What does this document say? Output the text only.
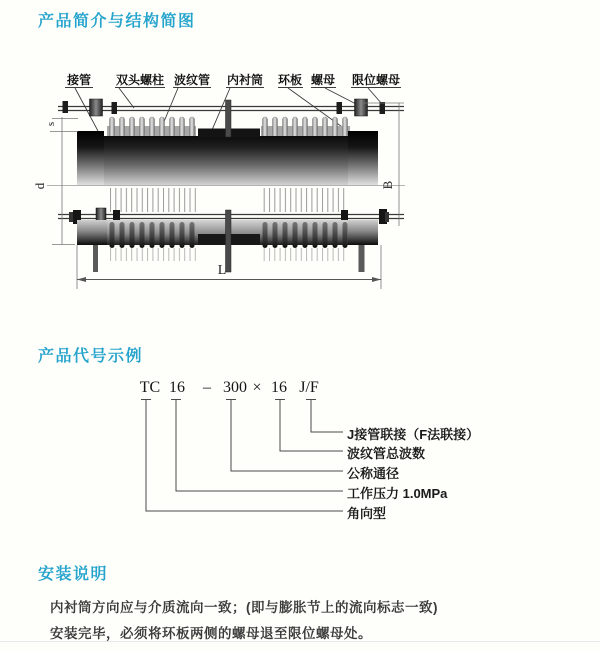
产品简介与结构简图
接管 双头螺柱 波纹管 内衬筒 环板 螺母 限位螺母
s
d	B
L
产品代号示例
TC 16 – 300 × 16 J/F
J接管联接（F法联接）
波纹管总波数
公称通径
工作压力 1.0MPa
角向型
安装说明
内衬筒方向应与介质流向一致；(即与膨胀节上的流向标志一致)
安装完毕，必须将环板两侧的螺母退至限位螺母处。
